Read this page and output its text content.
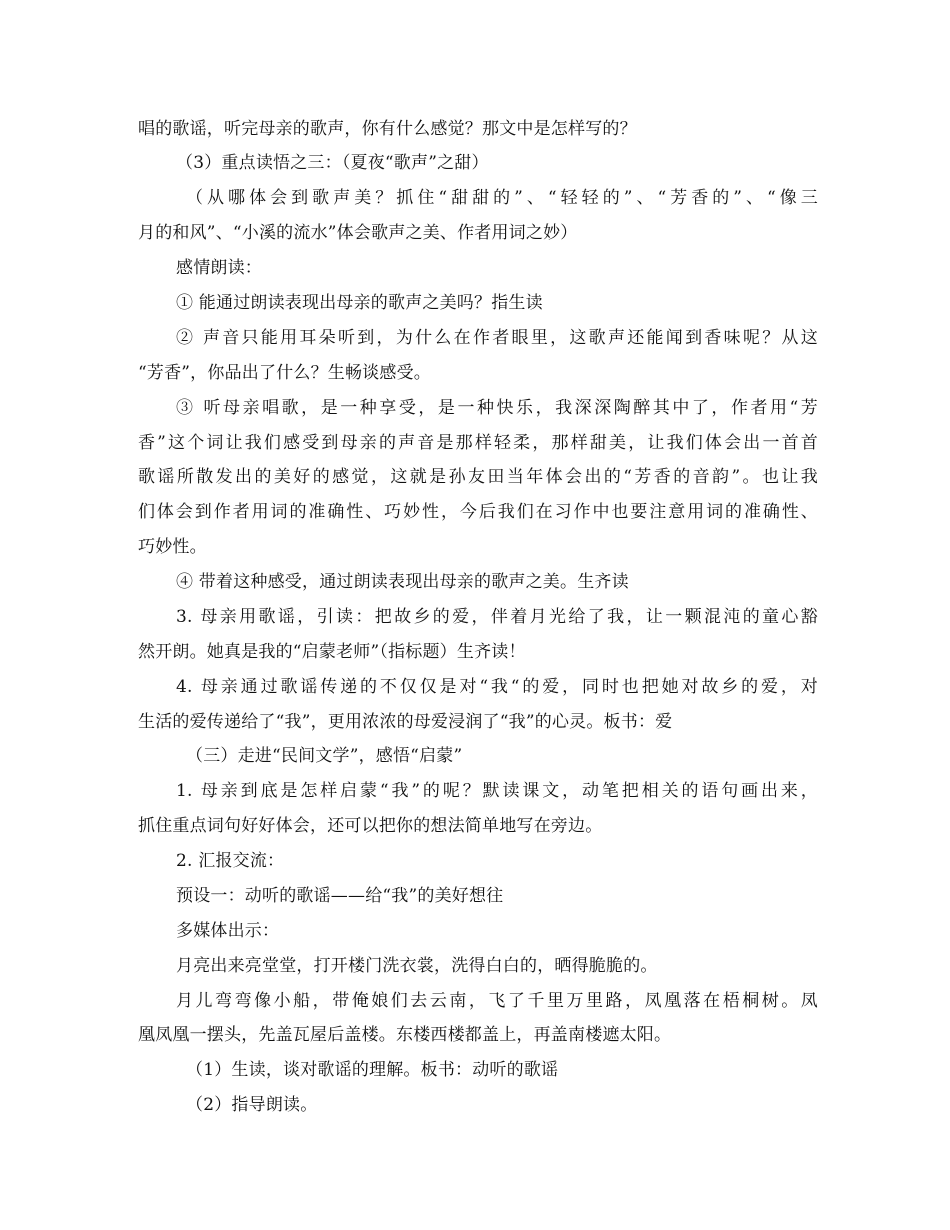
唱的歌谣，听完母亲的歌声，你有什么感觉？那文中是怎样写的？
（3）重点读悟之三：（夏夜“歌声”之甜）
（从哪体会到歌声美？抓住“甜甜的”、“轻轻的”、“芳香的”、“像三
月的和风”、“小溪的流水”体会歌声之美、作者用词之妙）
感情朗读：
① 能通过朗读表现出母亲的歌声之美吗？指生读
② 声音只能用耳朵听到，为什么在作者眼里，这歌声还能闻到香味呢？从这
“芳香”，你品出了什么？生畅谈感受。
③ 听母亲唱歌，是一种享受，是一种快乐，我深深陶醉其中了，作者用“芳
香”这个词让我们感受到母亲的声音是那样轻柔，那样甜美，让我们体会出一首首
歌谣所散发出的美好的感觉，这就是孙友田当年体会出的“芳香的音韵”。也让我
们体会到作者用词的准确性、巧妙性，今后我们在习作中也要注意用词的准确性、
巧妙性。
④ 带着这种感受，通过朗读表现出母亲的歌声之美。生齐读
3. 母亲用歌谣，引读：把故乡的爱，伴着月光给了我，让一颗混沌的童心豁
然开朗。她真是我的“启蒙老师”（指标题）生齐读！
4. 母亲通过歌谣传递的不仅仅是对“我“的爱，同时也把她对故乡的爱，对
生活的爱传递给了“我”，更用浓浓的母爱浸润了“我”的心灵。板书：爱
（三）走进“民间文学”，感悟“启蒙”
1. 母亲到底是怎样启蒙“我”的呢？默读课文，动笔把相关的语句画出来，
抓住重点词句好好体会，还可以把你的想法简单地写在旁边。
2. 汇报交流：
预设一：动听的歌谣——给“我”的美好想往
多媒体出示：
月亮出来亮堂堂，打开楼门洗衣裳，洗得白白的，晒得脆脆的。
月儿弯弯像小船，带俺娘们去云南，飞了千里万里路，凤凰落在梧桐树。凤
凰凤凰一摆头，先盖瓦屋后盖楼。东楼西楼都盖上，再盖南楼遮太阳。
（1）生读，谈对歌谣的理解。板书：动听的歌谣
（2）指导朗读。
